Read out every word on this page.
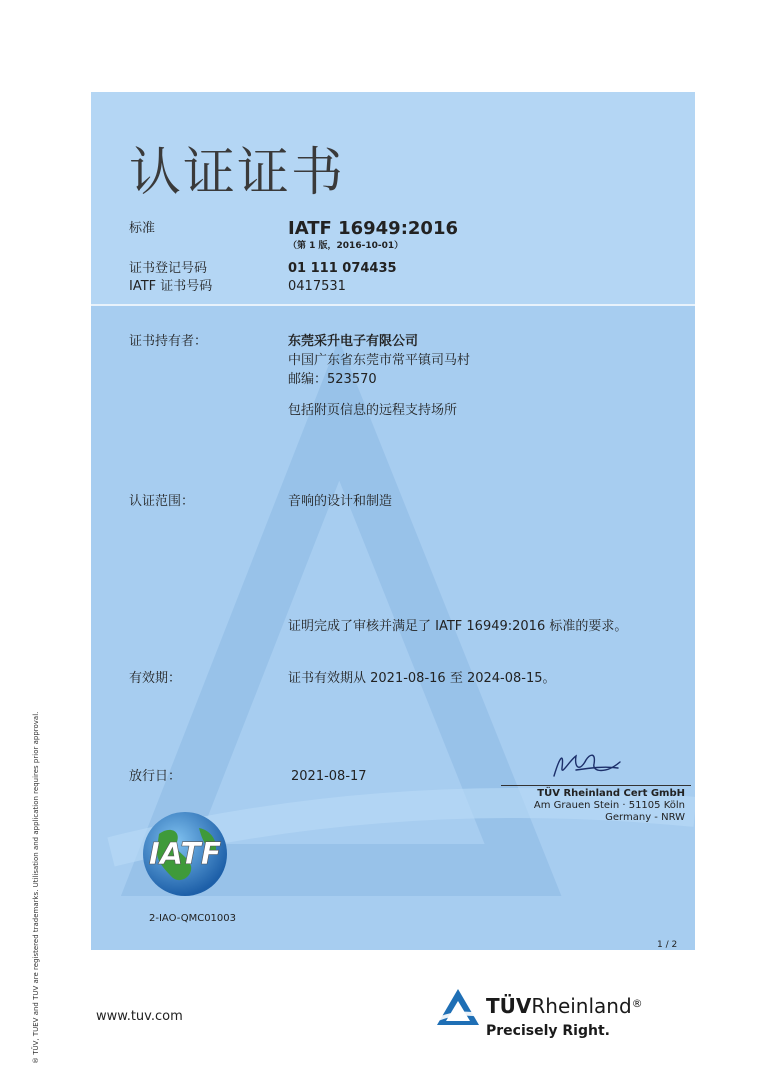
® TÜV, TUEV and TUV are registered trademarks. Utilisation and application requires prior approval.
认证证书
标准	IATF 16949:2016
（第 1 版，2016-10-01）
证书登记号码	01 111 074435
IATF 证书号码	0417531
证书持有者：	东莞采升电子有限公司
中国广东省东莞市常平镇司马村
邮编：523570
包括附页信息的远程支持场所
认证范围：	音响的设计和制造
证明完成了审核并满足了 IATF 16949:2016 标准的要求。
有效期：	证书有效期从 2021-08-16 至 2024-08-15。
放行日：	2021-08-17
TÜV Rheinland Cert GmbH
Am Grauen Stein · 51105 Köln
Germany - NRW
IATF
2-IAO-QMC01003
1 / 2
www.tuv.com	TÜVRheinland®
Precisely Right.
